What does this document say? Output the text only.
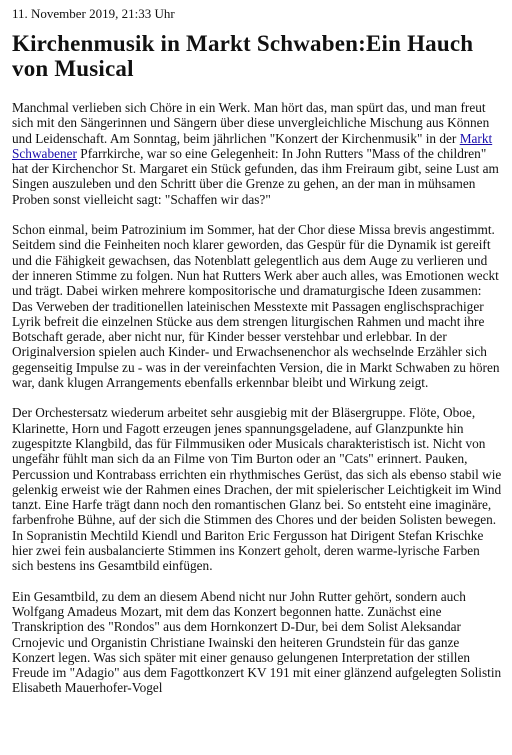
11. November 2019, 21:33 Uhr
Kirchenmusik in Markt Schwaben:Ein Hauch von Musical

Manchmal verlieben sich Chöre in ein Werk. Man hört das, man spürt das, und man freut sich mit den Sängerinnen und Sängern über diese unvergleichliche Mischung aus Können und Leidenschaft. Am Sonntag, beim jährlichen "Konzert der Kirchenmusik" in der Markt Schwabener Pfarrkirche, war so eine Gelegenheit: In John Rutters "Mass of the children" hat der Kirchenchor St. Margaret ein Stück gefunden, das ihm Freiraum gibt, seine Lust am Singen auszuleben und den Schritt über die Grenze zu gehen, an der man in mühsamen Proben sonst vielleicht sagt: "Schaffen wir das?"

Schon einmal, beim Patrozinium im Sommer, hat der Chor diese Missa brevis angestimmt. Seitdem sind die Feinheiten noch klarer geworden, das Gespür für die Dynamik ist gereift und die Fähigkeit gewachsen, das Notenblatt gelegentlich aus dem Auge zu verlieren und der inneren Stimme zu folgen. Nun hat Rutters Werk aber auch alles, was Emotionen weckt und trägt. Dabei wirken mehrere kompositorische und dramaturgische Ideen zusammen: Das Verweben der traditionellen lateinischen Messtexte mit Passagen englischsprachiger Lyrik befreit die einzelnen Stücke aus dem strengen liturgischen Rahmen und macht ihre Botschaft gerade, aber nicht nur, für Kinder besser verstehbar und erlebbar. In der Originalversion spielen auch Kinder- und Erwachsenenchor als wechselnde Erzähler sich gegenseitig Impulse zu - was in der vereinfachten Version, die in Markt Schwaben zu hören war, dank klugen Arrangements ebenfalls erkennbar bleibt und Wirkung zeigt.

Der Orchestersatz wiederum arbeitet sehr ausgiebig mit der Bläsergruppe. Flöte, Oboe, Klarinette, Horn und Fagott erzeugen jenes spannungsgeladene, auf Glanzpunkte hin zugespitzte Klangbild, das für Filmmusiken oder Musicals charakteristisch ist. Nicht von ungefähr fühlt man sich da an Filme von Tim Burton oder an "Cats" erinnert. Pauken, Percussion und Kontrabass errichten ein rhythmisches Gerüst, das sich als ebenso stabil wie gelenkig erweist wie der Rahmen eines Drachen, der mit spielerischer Leichtigkeit im Wind tanzt. Eine Harfe trägt dann noch den romantischen Glanz bei. So entsteht eine imaginäre, farbenfrohe Bühne, auf der sich die Stimmen des Chores und der beiden Solisten bewegen. In Sopranistin Mechtild Kiendl und Bariton Eric Fergusson hat Dirigent Stefan Krischke hier zwei fein ausbalancierte Stimmen ins Konzert geholt, deren warme-lyrische Farben sich bestens ins Gesamtbild einfügen.

Ein Gesamtbild, zu dem an diesem Abend nicht nur John Rutter gehört, sondern auch Wolfgang Amadeus Mozart, mit dem das Konzert begonnen hatte. Zunächst eine Transkription des "Rondos" aus dem Hornkonzert D-Dur, bei dem Solist Aleksandar Crnojevic und Organistin Christiane Iwainski den heiteren Grundstein für das ganze Konzert legen. Was sich später mit einer genauso gelungenen Interpretation der stillen Freude im "Adagio" aus dem Fagottkonzert KV 191 mit einer glänzend aufgelegten Solistin Elisabeth Mauerhofer-Vogel
